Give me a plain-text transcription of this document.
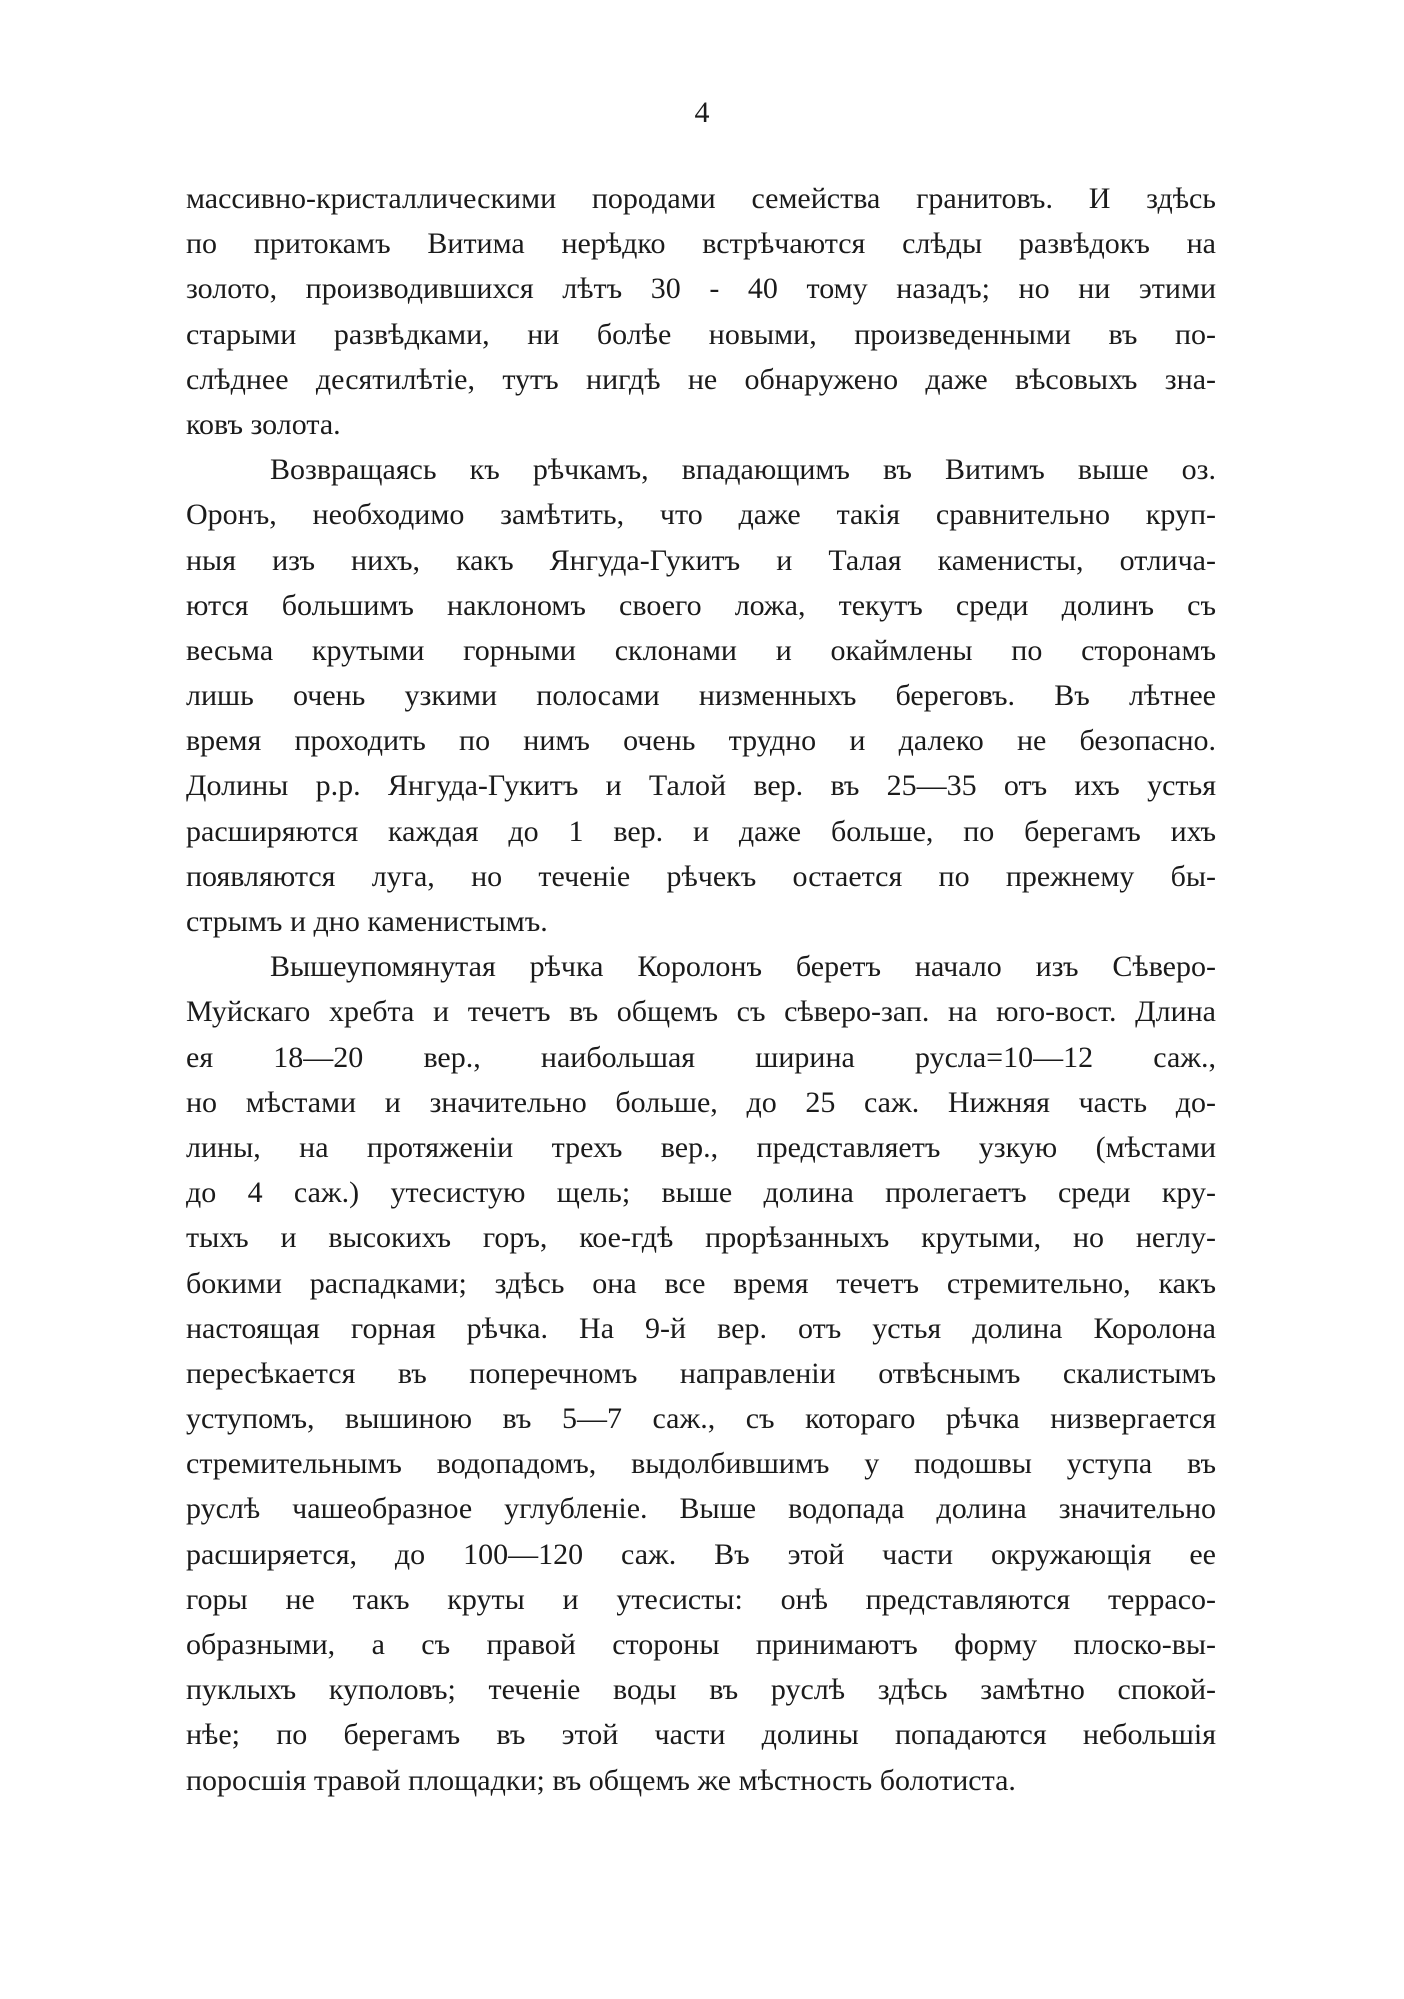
4
массивно-кристаллическими породами семейства гранитовъ. И здѣсь
по притокамъ Витима нерѣдко встрѣчаются слѣды развѣдокъ на
золото, производившихся лѣтъ 30 - 40 тому назадъ; но ни этими
старыми развѣдками, ни болѣе новыми, произведенными въ по-
слѣднее десятилѣтіе, тутъ нигдѣ не обнаружено даже вѣсовыхъ зна-
ковъ золота.
Возвращаясь къ рѣчкамъ, впадающимъ въ Витимъ выше оз.
Оронъ, необходимо замѣтить, что даже такія сравнительно круп-
ныя изъ нихъ, какъ Янгуда-Гукитъ и Талая каменисты, отлича-
ются большимъ наклономъ своего ложа, текутъ среди долинъ съ
весьма крутыми горными склонами и окаймлены по сторонамъ
лишь очень узкими полосами низменныхъ береговъ. Въ лѣтнее
время проходить по нимъ очень трудно и далеко не безопасно.
Долины р.р. Янгуда-Гукитъ и Талой вер. въ 25—35 отъ ихъ устья
расширяются каждая до 1 вер. и даже больше, по берегамъ ихъ
появляются луга, но теченіе рѣчекъ остается по прежнему бы-
стрымъ и дно каменистымъ.
Вышеупомянутая рѣчка Королонъ беретъ начало изъ Сѣверо-
Муйскаго хребта и течетъ въ общемъ съ сѣверо-зап. на юго-вост. Длина
ея 18—20 вер., наибольшая ширина русла=10—12 саж.,
но мѣстами и значительно больше, до 25 саж. Нижняя часть до-
лины, на протяженіи трехъ вер., представляетъ узкую (мѣстами
до 4 саж.) утесистую щель; выше долина пролегаетъ среди кру-
тыхъ и высокихъ горъ, кое-гдѣ прорѣзанныхъ крутыми, но неглу-
бокими распадками; здѣсь она все время течетъ стремительно, какъ
настоящая горная рѣчка. На 9-й вер. отъ устья долина Королона
пересѣкается въ поперечномъ направленіи отвѣснымъ скалистымъ
уступомъ, вышиною въ 5—7 саж., съ котораго рѣчка низвергается
стремительнымъ водопадомъ, выдолбившимъ у подошвы уступа въ
руслѣ чашеобразное углубленіе. Выше водопада долина значительно
расширяется, до 100—120 саж. Въ этой части окружающія ее
горы не такъ круты и утесисты: онѣ представляются террасо-
образными, а съ правой стороны принимаютъ форму плоско-вы-
пуклыхъ куполовъ; теченіе воды въ руслѣ здѣсь замѣтно спокой-
нѣе; по берегамъ въ этой части долины попадаются небольшія
поросшія травой площадки; въ общемъ же мѣстность болотиста.
